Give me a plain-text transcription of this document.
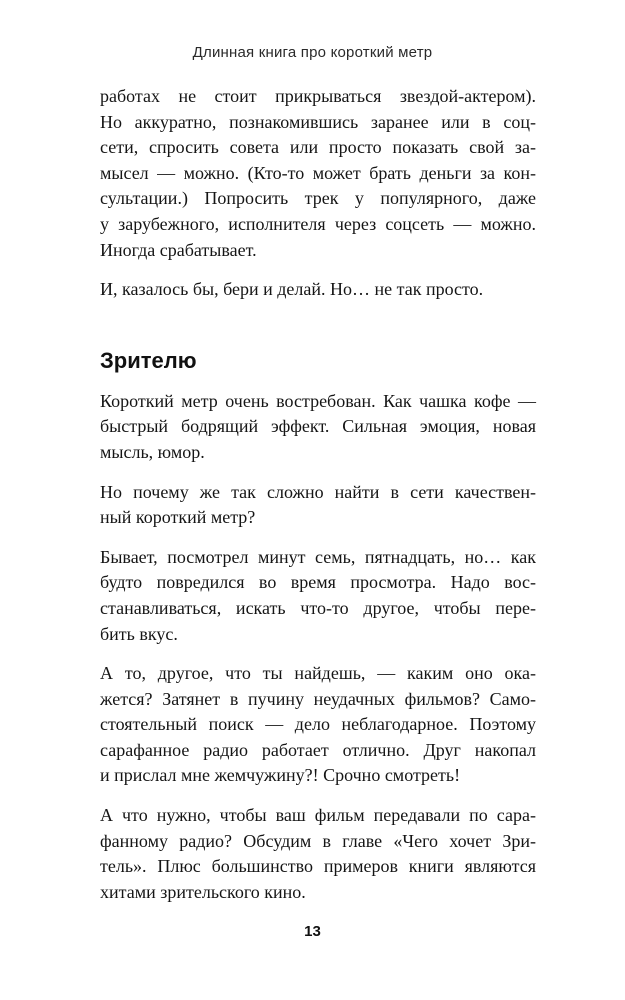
Длинная книга про короткий метр

работах не стоит прикрываться звездой-актером).
Но аккуратно, познакомившись заранее или в соц-
сети, спросить совета или просто показать свой за-
мысел — можно. (Кто-то может брать деньги за кон-
сультации.) Попросить трек у популярного, даже
у зарубежного, исполнителя через соцсеть — можно.
Иногда срабатывает.

И, казалось бы, бери и делай. Но… не так просто.

Зрителю

Короткий метр очень востребован. Как чашка кофе —
быстрый бодрящий эффект. Сильная эмоция, новая
мысль, юмор.

Но почему же так сложно найти в сети качествен-
ный короткий метр?

Бывает, посмотрел минут семь, пятнадцать, но… как
будто повредился во время просмотра. Надо вос-
станавливаться, искать что-то другое, чтобы пере-
бить вкус.

А то, другое, что ты найдешь, — каким оно ока-
жется? Затянет в пучину неудачных фильмов? Само-
стоятельный поиск — дело неблагодарное. Поэтому
сарафанное радио работает отлично. Друг накопал
и прислал мне жемчужину?! Срочно смотреть!

А что нужно, чтобы ваш фильм передавали по сара-
фанному радио? Обсудим в главе «Чего хочет Зри-
тель». Плюс большинство примеров книги являются
хитами зрительского кино.

13
